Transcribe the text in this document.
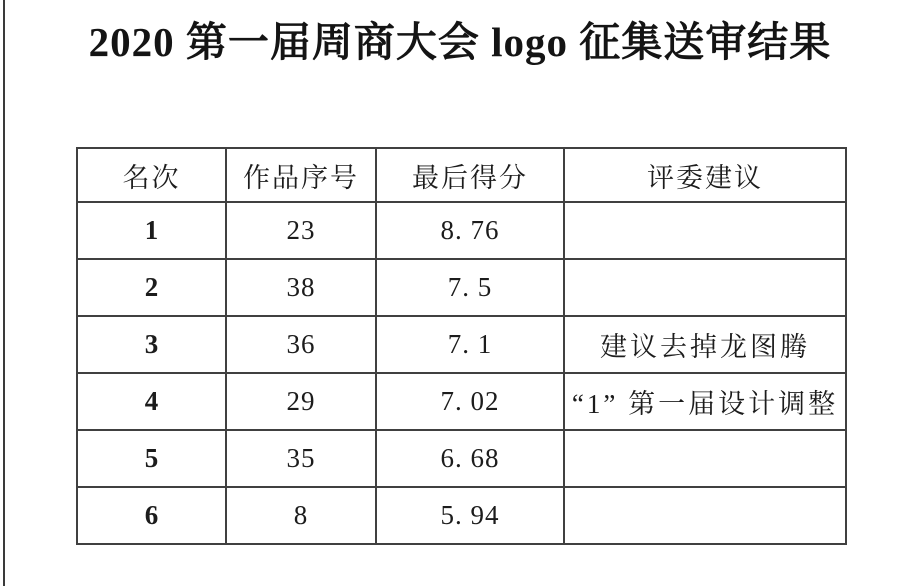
2020 第一届周商大会 logo 征集送审结果
名次	作品序号	最后得分	评委建议
1	23	8. 76	
2	38	7. 5	
3	36	7. 1	建议去掉龙图腾
4	29	7. 02	“1” 第一届设计调整
5	35	6. 68	
6	8	5. 94	
